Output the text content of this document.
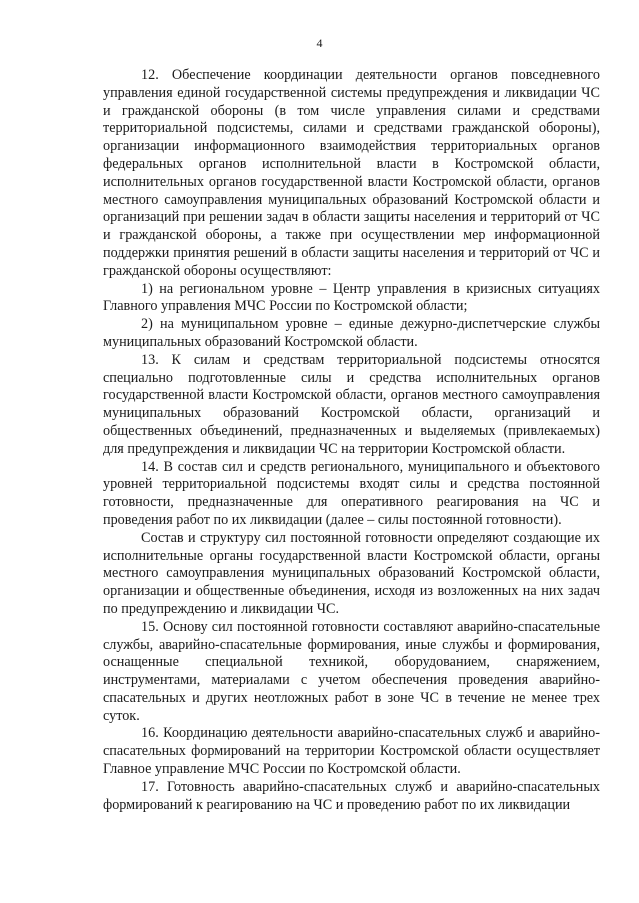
4

12. Обеспечение координации деятельности органов повседневного управления единой государственной системы предупреждения и ликвидации ЧС и гражданской обороны (в том числе управления силами и средствами территориальной подсистемы, силами и средствами гражданской обороны), организации информационного взаимодействия территориальных органов федеральных органов исполнительной власти в Костромской области, исполнительных органов государственной власти Костромской области, органов местного самоуправления муниципальных образований Костромской области и организаций при решении задач в области защиты населения и территорий от ЧС и гражданской обороны, а также при осуществлении мер информационной поддержки принятия решений в области защиты населения и территорий от ЧС и гражданской обороны осуществляют:

1) на региональном уровне – Центр управления в кризисных ситуациях Главного управления МЧС России по Костромской области;

2) на муниципальном уровне – единые дежурно-диспетчерские службы муниципальных образований Костромской области.

13. К силам и средствам территориальной подсистемы относятся специально подготовленные силы и средства исполнительных органов государственной власти Костромской области, органов местного самоуправления муниципальных образований Костромской области, организаций и общественных объединений, предназначенных и выделяемых (привлекаемых) для предупреждения и ликвидации ЧС на территории Костромской области.

14. В состав сил и средств регионального, муниципального и объектового уровней территориальной подсистемы входят силы и средства постоянной готовности, предназначенные для оперативного реагирования на ЧС и проведения работ по их ликвидации (далее – силы постоянной готовности).

Состав и структуру сил постоянной готовности определяют создающие их исполнительные органы государственной власти Костромской области, органы местного самоуправления муниципальных образований Костромской области, организации и общественные объединения, исходя из возложенных на них задач по предупреждению и ликвидации ЧС.

15. Основу сил постоянной готовности составляют аварийно-спасательные службы, аварийно-спасательные формирования, иные службы и формирования, оснащенные специальной техникой, оборудованием, снаряжением, инструментами, материалами с учетом обеспечения проведения аварийно-спасательных и других неотложных работ в зоне ЧС в течение не менее трех суток.

16. Координацию деятельности аварийно-спасательных служб и аварийно-спасательных формирований на территории Костромской области осуществляет Главное управление МЧС России по Костромской области.

17. Готовность аварийно-спасательных служб и аварийно-спасательных формирований к реагированию на ЧС и проведению работ по их ликвидации
